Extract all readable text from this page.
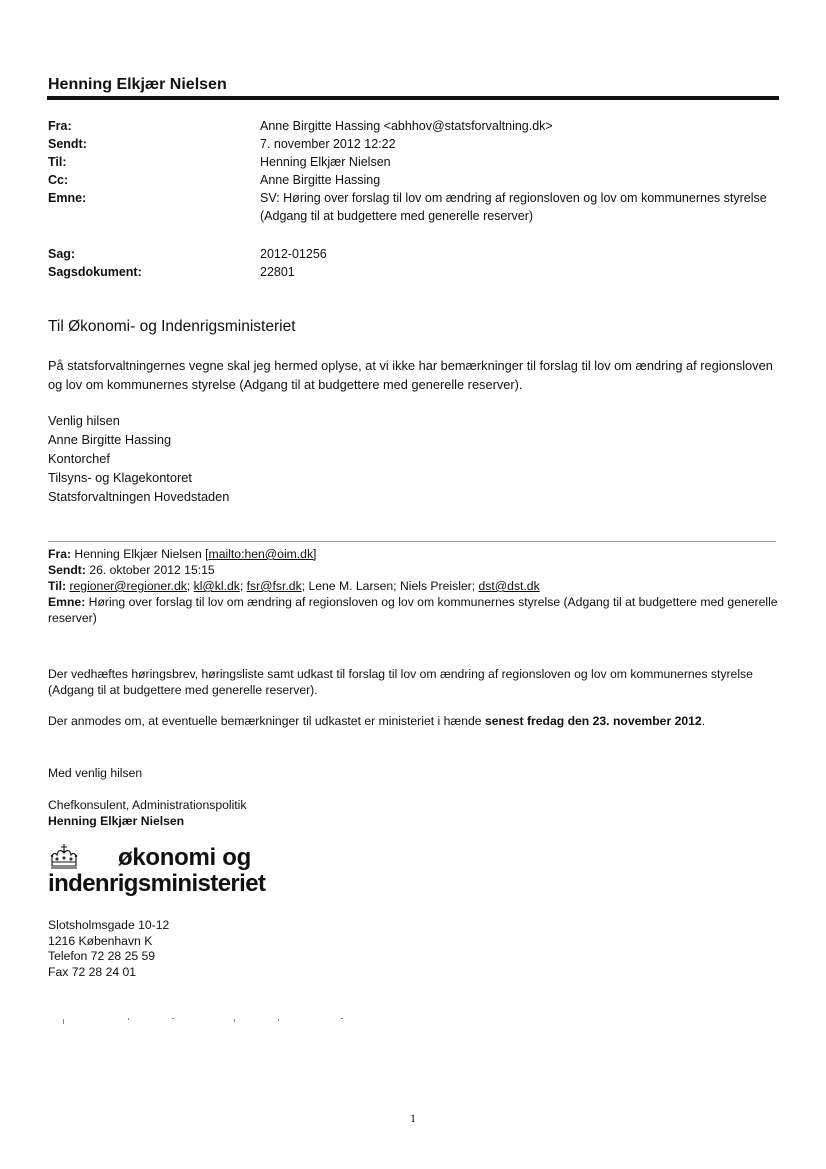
Henning Elkjær Nielsen
Fra:	Anne Birgitte Hassing <abhhov@statsforvaltning.dk>
Sendt:	7. november 2012 12:22
Til:	Henning Elkjær Nielsen
Cc:	Anne Birgitte Hassing
Emne:	SV: Høring over forslag til lov om ændring af regionsloven og lov om kommunernes styrelse (Adgang til at budgettere med generelle reserver)
Sag:	2012-01256
Sagsdokument:	22801
Til Økonomi- og Indenrigsministeriet
På statsforvaltningernes vegne skal jeg hermed oplyse, at vi ikke har bemærkninger til forslag til lov om ændring af regionsloven og lov om kommunernes styrelse (Adgang til at budgettere med generelle reserver).
Venlig hilsen
Anne Birgitte Hassing
Kontorchef
Tilsyns- og Klagekontoret
Statsforvaltningen Hovedstaden
Fra: Henning Elkjær Nielsen [mailto:hen@oim.dk]
Sendt: 26. oktober 2012 15:15
Til: regioner@regioner.dk; kl@kl.dk; fsr@fsr.dk; Lene M. Larsen; Niels Preisler; dst@dst.dk
Emne: Høring over forslag til lov om ændring af regionsloven og lov om kommunernes styrelse (Adgang til at budgettere med generelle reserver)
Der vedhæftes høringsbrev, høringsliste samt udkast til forslag til lov om ændring af regionsloven og lov om kommunernes styrelse (Adgang til at budgettere med generelle reserver).
Der anmodes om, at eventuelle bemærkninger til udkastet er ministeriet i hænde senest fredag den 23. november 2012.
Med venlig hilsen
Chefkonsulent, Administrationspolitik
Henning Elkjær Nielsen
økonomi og
indenrigsministeriet
Slotsholmsgade 10-12
1216 København K
Telefon 72 28 25 59
Fax 72 28 24 01
1
